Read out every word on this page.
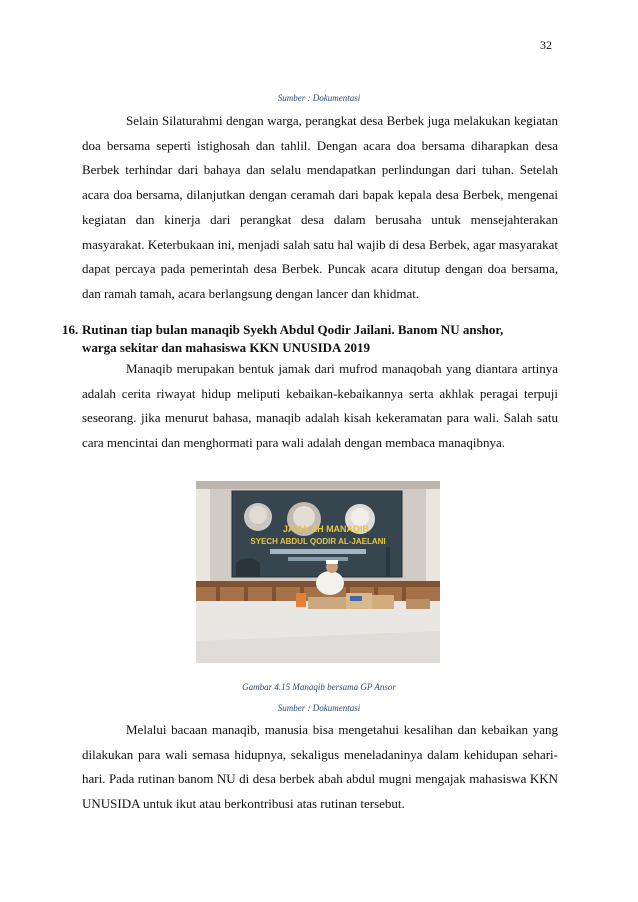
32
Sumber : Dokumentasi

Selain Silaturahmi dengan warga, perangkat desa Berbek juga melakukan kegiatan doa bersama seperti istighosah dan tahlil. Dengan acara doa bersama diharapkan desa Berbek terhindar dari bahaya dan selalu mendapatkan perlindungan dari tuhan. Setelah acara doa bersama, dilanjutkan dengan ceramah dari bapak kepala desa Berbek, mengenai kegiatan dan kinerja dari perangkat desa dalam berusaha untuk mensejahterakan masyarakat. Keterbukaan ini, menjadi salah satu hal wajib di desa Berbek, agar masyarakat dapat percaya pada pemerintah desa Berbek. Puncak acara ditutup dengan doa bersama, dan ramah tamah, acara berlangsung dengan lancer dan khidmat.

16. Rutinan tiap bulan manaqib Syekh Abdul Qodir Jailani. Banom NU anshor,
warga sekitar dan mahasiswa KKN UNUSIDA 2019

Manaqib merupakan bentuk jamak dari mufrod manaqobah yang diantara artinya adalah cerita riwayat hidup meliputi kebaikan-kebaikannya serta akhlak peragai terpuji seseorang. jika menurut bahasa, manaqib adalah kisah kekeramatan para wali. Salah satu cara mencintai dan menghormati para wali adalah dengan membaca manaqibnya.

JAMA'AH MANAQIB
SYECH ABDUL QODIR AL-JAELANI
Gambar 4.15 Manaqib bersama GP Ansor
Sumber : Dokumentasi

Melalui bacaan manaqib, manusia bisa mengetahui kesalihan dan kebaikan yang dilakukan para wali semasa hidupnya, sekaligus meneladaninya dalam kehidupan sehari-hari. Pada rutinan banom NU di desa berbek abah abdul mugni mengajak mahasiswa KKN UNUSIDA untuk ikut atau berkontribusi atas rutinan tersebut.
